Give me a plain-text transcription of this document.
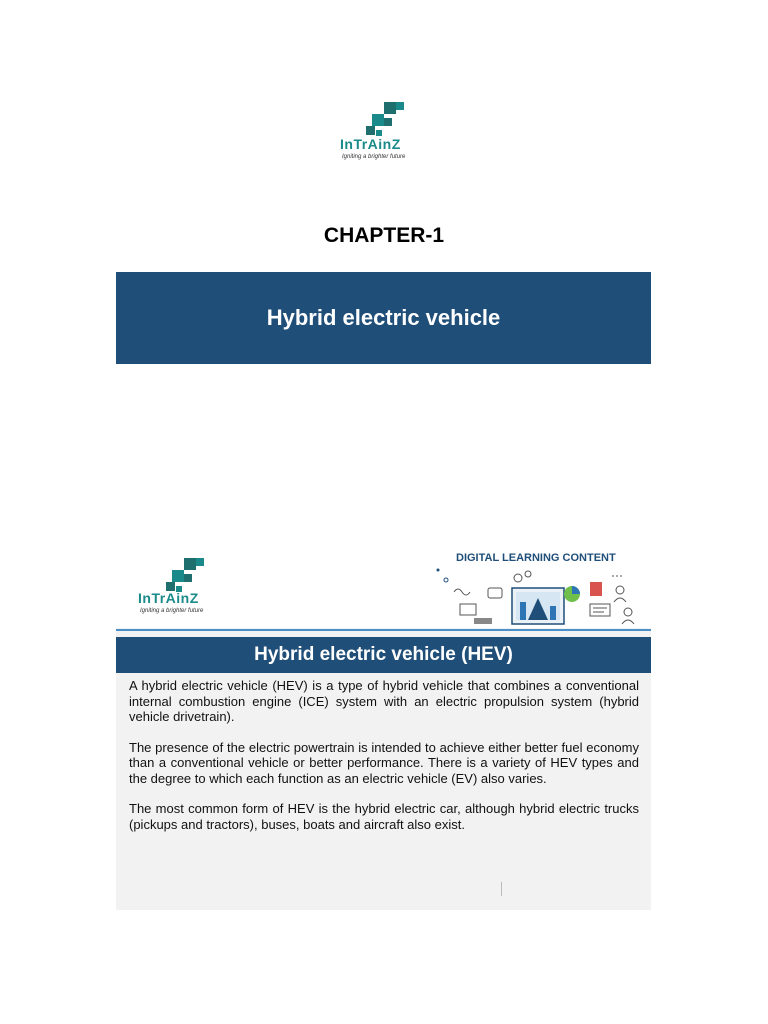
InTrAinZ
Igniting a brighter future
CHAPTER-1
Hybrid electric vehicle
InTrAinZ
Igniting a brighter future
DIGITAL LEARNING CONTENT
Hybrid electric vehicle (HEV)

A hybrid electric vehicle (HEV) is a type of hybrid vehicle that combines a conventional internal combustion engine (ICE) system with an electric propulsion system (hybrid vehicle drivetrain).

The presence of the electric powertrain is intended to achieve either better fuel economy than a conventional vehicle or better performance. There is a variety of HEV types and the degree to which each function as an electric vehicle (EV) also varies.

The most common form of HEV is the hybrid electric car, although hybrid electric trucks (pickups and tractors), buses, boats and aircraft also exist.
